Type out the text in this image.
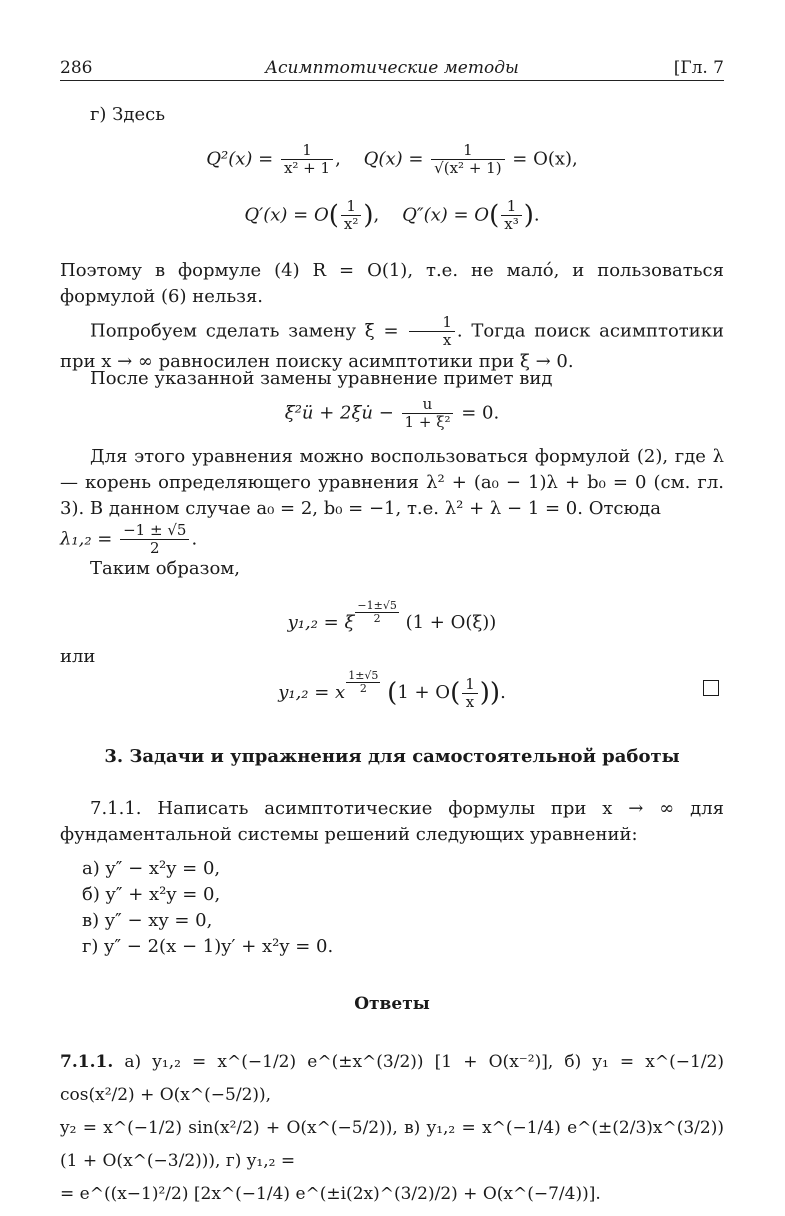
286	Асимптотические методы	[Гл. 7
г) Здесь
$Q^2(x) = \frac{1}{\text{x² + 1}}$ ,    $Q(x) = \frac{1}{\text{√(x² + 1)}} = O(x)$,
$Q'(x) = O( \frac{1}{\text{x²}}$ ),    $Q''(x) = O( \frac{1}{\text{x³}}$ ).
Поэтому в формуле (4) R = O(1), т.е. не мало́, и пользоваться формулой (6) нельзя.
Попробуем сделать замену $\xi = \frac{1}{x}$ . Тогда поиск асимптотики при x → ∞ равносилен поиску асимптотики при ξ → 0.
После указанной замены уравнение примет вид
ξ²ü + 2ξu̇ − $\frac{u}{\text{1 + ξ²}} = 0$.
Для этого уравнения можно воспользоваться формулой (2), где λ — корень определяющего уравнения λ² + (a₀ − 1)λ + b₀ = 0 (см. гл. 3). В данном случае a₀ = 2, b₀ = −1, т.е. λ² + λ − 1 = 0. Отсюда
$\lambda_1,_2 = \frac{-1 \pm √5}{2}$ .
Таким образом,
y₁,₂ = ξ $\frac{-1\pm√5}{2} (1 + O(\xi))$
или
y₁,₂ = x $\frac{1\pm√5}{2} (1 + O( \frac{1}{x}$ )).
3. Задачи и упражнения для самостоятельной работы
7.1.1. Написать асимптотические формулы при x → ∞ для фундаментальной системы решений следующих уравнений:
а) y″ − x²y = 0,
б) y″ + x²y = 0,
в) y″ − xy = 0,
г) y″ − 2(x − 1)y′ + x²y = 0.
Ответы
7.1.1. а) y₁,₂ = x^(−1/2) e^(±x^(3/2)) [1 + O(x⁻²)], б) y₁ = x^(−1/2) cos(x²/2) + O(x^(−5/2)),
y₂ = x^(−1/2) sin(x²/2) + O(x^(−5/2)), в) y₁,₂ = x^(−1/4) e^(±(2/3)x^(3/2)) (1 + O(x^(−3/2))), г) y₁,₂ =
= e^((x−1)²/2) [2x^(−1/4) e^(±i(2x)^(3/2)/2) + O(x^(−7/4))].
